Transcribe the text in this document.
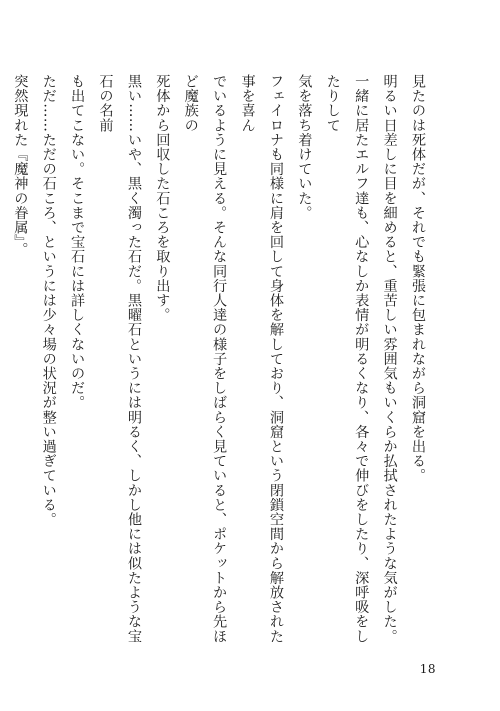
見たのは死体だが、それでも緊張に包まれながら洞窟を出る。

明るい日差しに目を細めると、重苦しい雰囲気もいくらか払拭されたような気がした。

一緒に居たエルフ達も、心なしか表情が明るくなり、各々で伸びをしたり、深呼吸をしたりして

気を落ち着けていた。

フェイロナも同様に肩を回して身体を解しており、洞窟という閉鎖空間から解放された事を喜ん

でいるように見える。そんな同行人達の様子をしばらく見ていると、ポケットから先ほど魔族の

死体から回収した石ころを取り出す。

黒い……いや、黒く濁った石だ。黒曜石というには明るく、しかし他には似たような宝石の名前

も出てこない。そこまで宝石には詳しくないのだ。

ただ……ただの石ころ、というには少々場の状況が整い過ぎている。

突然現れた『魔神の眷属』。

18
